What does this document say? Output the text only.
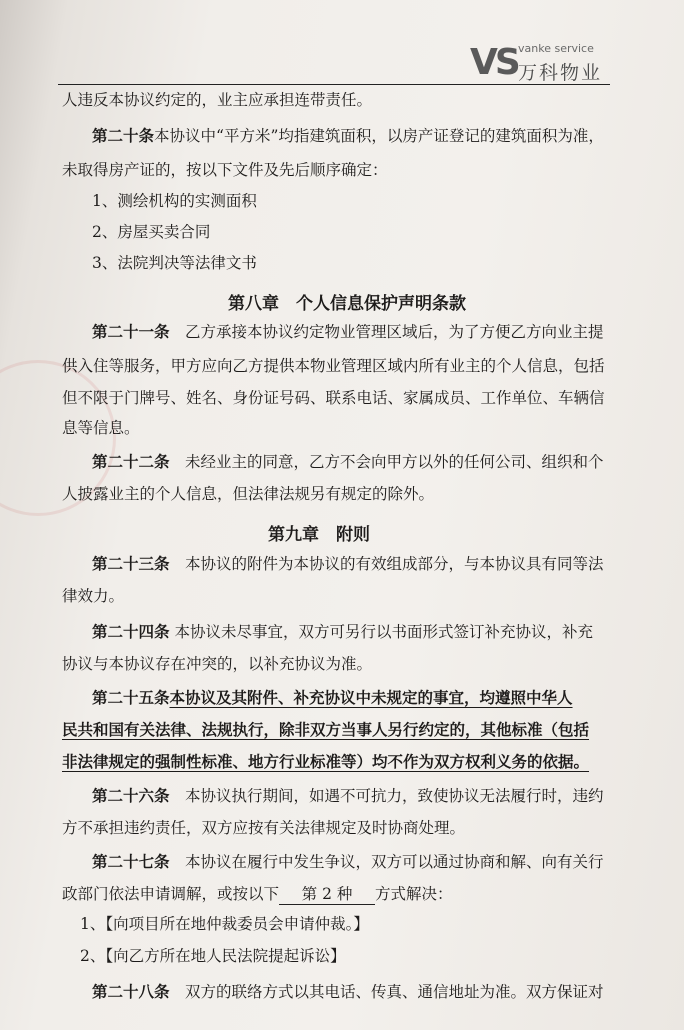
VS vanke service
万科物业
人违反本协议约定的，业主应承担连带责任。
第二十条本协议中“平方米”均指建筑面积，以房产证登记的建筑面积为准，
未取得房产证的，按以下文件及先后顺序确定：
1、测绘机构的实测面积
2、房屋买卖合同
3、法院判决等法律文书
第八章　个人信息保护声明条款
第二十一条　 乙方承接本协议约定物业管理区域后，为了方便乙方向业主提
供入住等服务，甲方应向乙方提供本物业管理区域内所有业主的个人信息，包括
但不限于门牌号、姓名、身份证号码、联系电话、家属成员、工作单位、车辆信
息等信息。
第二十二条　 未经业主的同意，乙方不会向甲方以外的任何公司、组织和个
人披露业主的个人信息，但法律法规另有规定的除外。
第九章　附则
第二十三条　 本协议的附件为本协议的有效组成部分，与本协议具有同等法
律效力。
第二十四条 本协议未尽事宜，双方可另行以书面形式签订补充协议，补充
协议与本协议存在冲突的，以补充协议为准。
第二十五条本协议及其附件、补充协议中未规定的事宜，均遵照中华人
民共和国有关法律、法规执行，除非双方当事人另行约定的，其他标准（包括
非法律规定的强制性标准、地方行业标准等）均不作为双方权利义务的依据。
第二十六条　 本协议执行期间，如遇不可抗力，致使协议无法履行时，违约
方不承担违约责任，双方应按有关法律规定及时协商处理。
第二十七条　 本协议在履行中发生争议，双方可以通过协商和解、向有关行
政部门依法申请调解，或按以下 第 2 种 方式解决：
1、【向项目所在地仲裁委员会申请仲裁。】
2、【向乙方所在地人民法院提起诉讼】
第二十八条　 双方的联络方式以其电话、传真、通信地址为准。双方保证对
